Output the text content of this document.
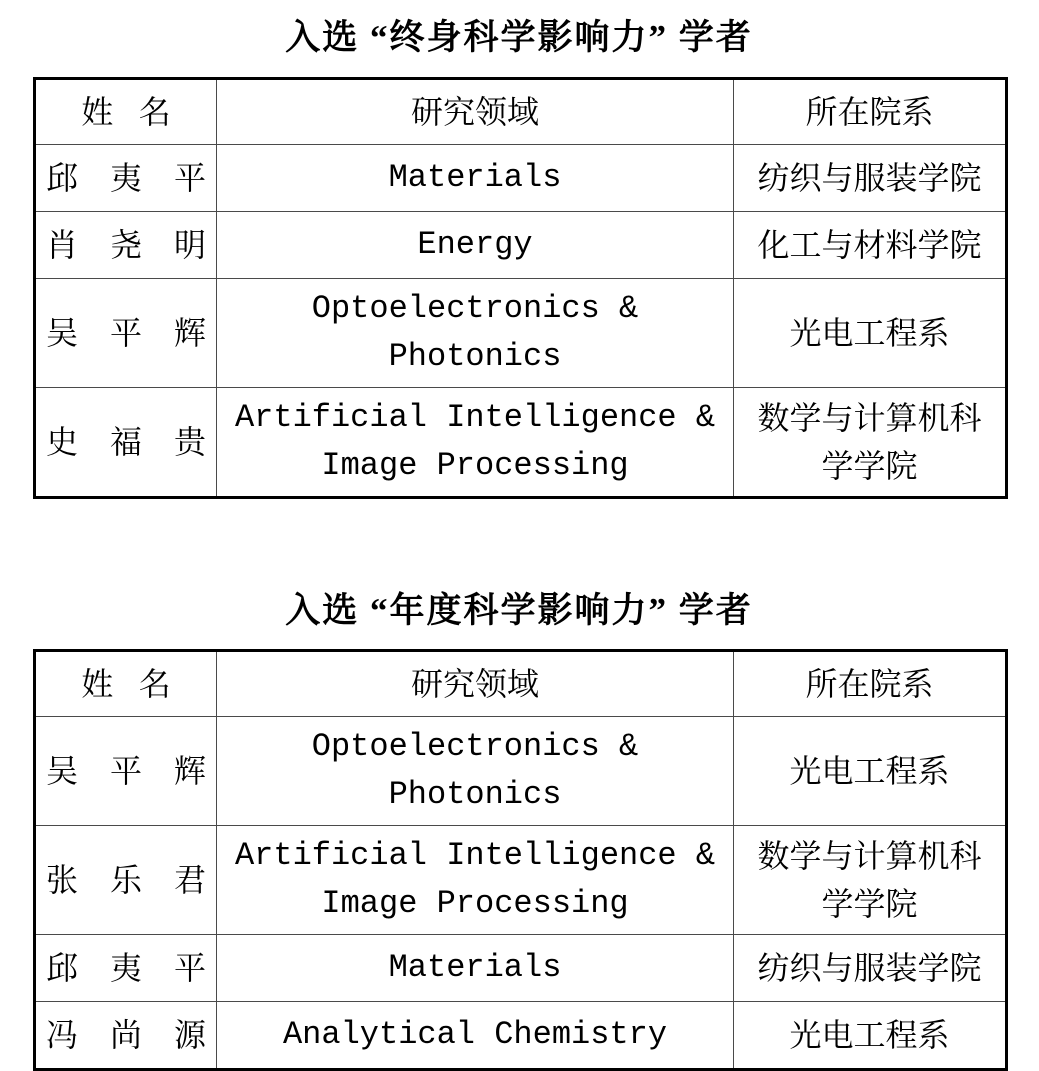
入选 “终身科学影响力” 学者
姓名	研究领域	所在院系
邱夷平	Materials	纺织与服装学院
肖尧明	Energy	化工与材料学院
吴平辉	Optoelectronics & Photonics	光电工程系
史福贵	Artificial Intelligence & Image Processing	数学与计算机科学学院
入选 “年度科学影响力” 学者
姓名	研究领域	所在院系
吴平辉	Optoelectronics & Photonics	光电工程系
张乐君	Artificial Intelligence & Image Processing	数学与计算机科学学院
邱夷平	Materials	纺织与服装学院
冯尚源	Analytical Chemistry	光电工程系
